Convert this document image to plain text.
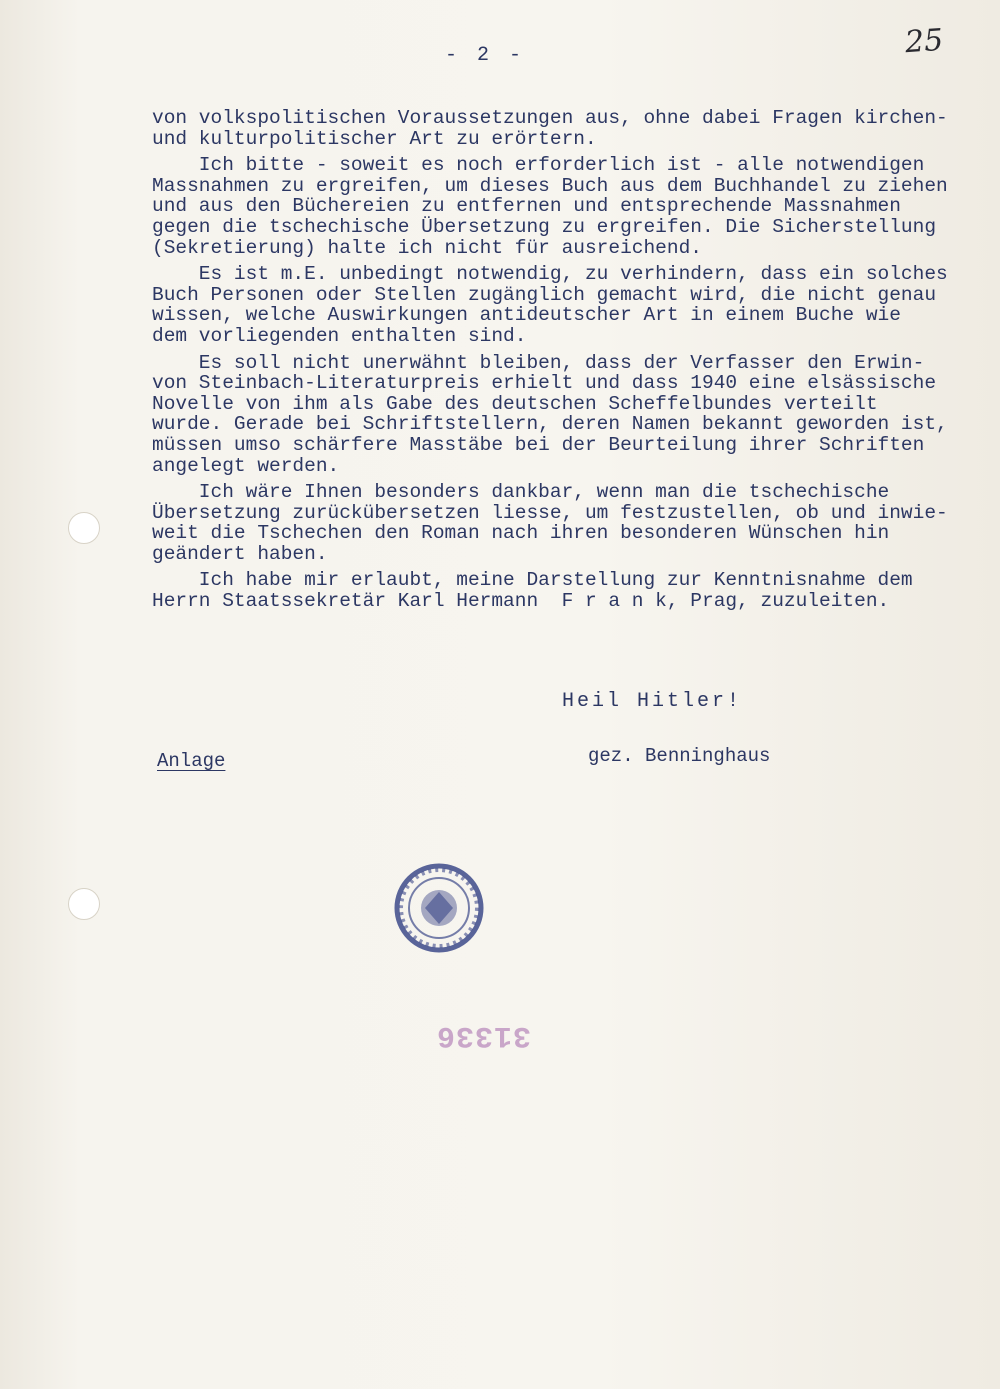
- 2 -	25

von volkspolitischen Voraussetzungen aus, ohne dabei Fragen kirchen-
und kulturpolitischer Art zu erörtern.

Ich bitte - soweit es noch erforderlich ist - alle notwendigen
Massnahmen zu ergreifen, um dieses Buch aus dem Buchhandel zu ziehen
und aus den Büchereien zu entfernen und entsprechende Massnahmen
gegen die tschechische Übersetzung zu ergreifen. Die Sicherstellung
(Sekretierung) halte ich nicht für ausreichend.

Es ist m.E. unbedingt notwendig, zu verhindern, dass ein solches
Buch Personen oder Stellen zugänglich gemacht wird, die nicht genau
wissen, welche Auswirkungen antideutscher Art in einem Buche wie
dem vorliegenden enthalten sind.

Es soll nicht unerwähnt bleiben, dass der Verfasser den Erwin-
von Steinbach-Literaturpreis erhielt und dass 1940 eine elsässische
Novelle von ihm als Gabe des deutschen Scheffelbundes verteilt
wurde. Gerade bei Schriftstellern, deren Namen bekannt geworden ist,
müssen umso schärfere Masstäbe bei der Beurteilung ihrer Schriften
angelegt werden.

Ich wäre Ihnen besonders dankbar, wenn man die tschechische
Übersetzung zurückübersetzen liesse, um festzustellen, ob und inwie-
weit die Tschechen den Roman nach ihren besonderen Wünschen hin
geändert haben.

Ich habe mir erlaubt, meine Darstellung zur Kenntnisnahme dem
Herrn Staatssekretär Karl Hermann  F r a n k, Prag, zuzuleiten.

Heil Hitler!
Anlage	gez. Benninghaus
31336
